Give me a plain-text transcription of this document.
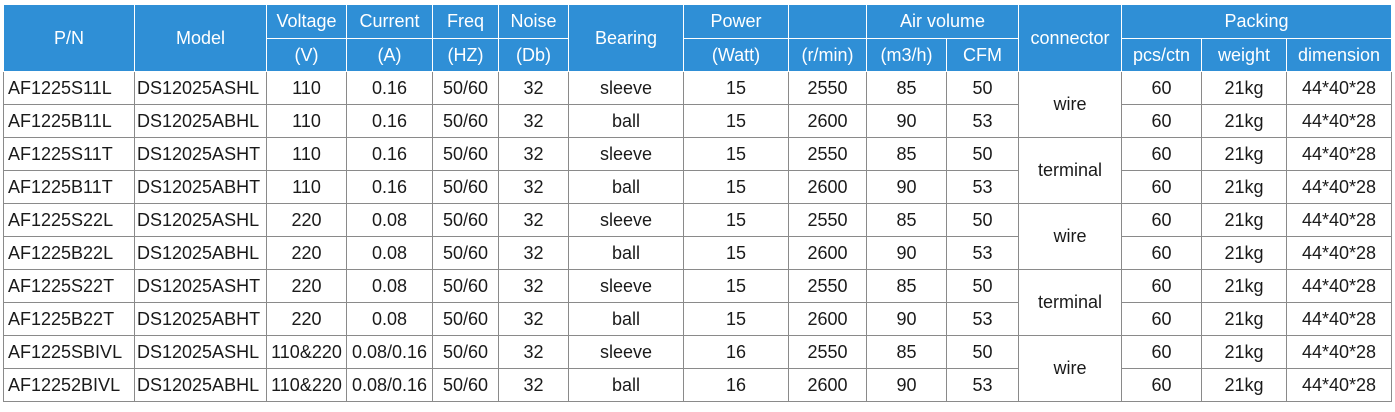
P/N	Model	Voltage	Current	Freq	Noise	Bearing	Power		Air volume		connector	Packing		
		(V)	(A)	(HZ)	(Db)		(Watt)	(r/min)	(m3/h)	CFM		pcs/ctn	weight	dimension
AF1225S11L	DS12025ASHL	110	0.16	50/60	32	sleeve	15	2550	85	50	wire	60	21kg	44*40*28
AF1225B11L	DS12025ABHL	110	0.16	50/60	32	ball	15	2600	90	53		60	21kg	44*40*28
AF1225S11T	DS12025ASHT	110	0.16	50/60	32	sleeve	15	2550	85	50	terminal	60	21kg	44*40*28
AF1225B11T	DS12025ABHT	110	0.16	50/60	32	ball	15	2600	90	53		60	21kg	44*40*28
AF1225S22L	DS12025ASHL	220	0.08	50/60	32	sleeve	15	2550	85	50	wire	60	21kg	44*40*28
AF1225B22L	DS12025ABHL	220	0.08	50/60	32	ball	15	2600	90	53		60	21kg	44*40*28
AF1225S22T	DS12025ASHT	220	0.08	50/60	32	sleeve	15	2550	85	50	terminal	60	21kg	44*40*28
AF1225B22T	DS12025ABHT	220	0.08	50/60	32	ball	15	2600	90	53		60	21kg	44*40*28
AF1225SBIVL	DS12025ASHL	110&220	0.08/0.16	50/60	32	sleeve	16	2550	85	50	wire	60	21kg	44*40*28
AF12252BIVL	DS12025ABHL	110&220	0.08/0.16	50/60	32	ball	16	2600	90	53		60	21kg	44*40*28
